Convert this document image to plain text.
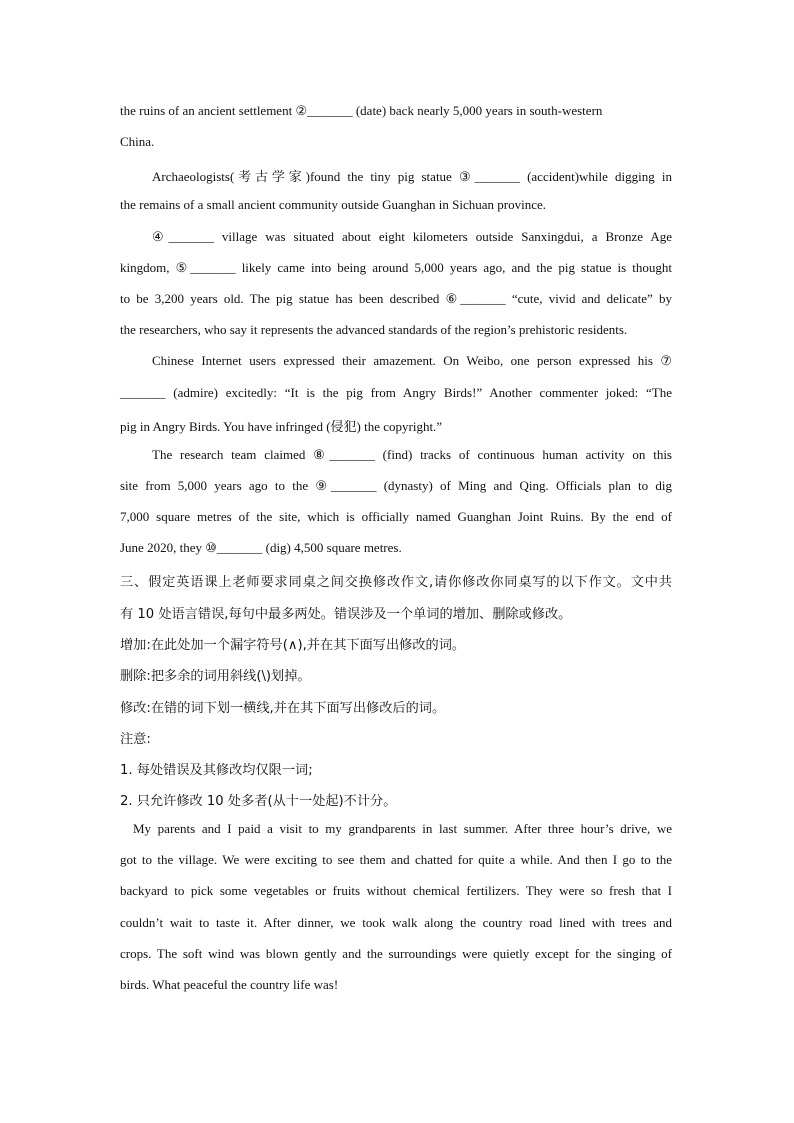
the ruins of an ancient settlement ②_______ (date) back nearly 5,000 years in south-western
China.
Archaeologists(考古学家)found the tiny pig statue ③_______ (accident)while digging in
the remains of a small ancient community outside Guanghan in Sichuan province.
④_______ village was situated about eight kilometers outside Sanxingdui, a Bronze Age
kingdom, ⑤_______ likely came into being around 5,000 years ago, and the pig statue is thought
to be 3,200 years old. The pig statue has been described ⑥_______ “cute, vivid and delicate” by
the researchers, who say it represents the advanced standards of the region’s prehistoric residents.
Chinese Internet users expressed their amazement. On Weibo, one person expressed his ⑦
_______ (admire) excitedly: “It is the pig from Angry Birds!” Another commenter joked: “The
pig in Angry Birds. You have infringed (侵犯) the copyright.”
The research team claimed ⑧_______ (find) tracks of continuous human activity on this
site from 5,000 years ago to the ⑨_______ (dynasty) of Ming and Qing. Officials plan to dig
7,000 square metres of the site, which is officially named Guanghan Joint Ruins. By the end of
June 2020, they ⑩_______ (dig) 4,500 square metres.
三、假定英语课上老师要求同桌之间交换修改作文,请你修改你同桌写的以下作文。文中共
有 10 处语言错误,每句中最多两处。错误涉及一个单词的增加、删除或修改。
增加:在此处加一个漏字符号(∧),并在其下面写出修改的词。
删除:把多余的词用斜线(\)划掉。
修改:在错的词下划一横线,并在其下面写出修改后的词。
注意:
1. 每处错误及其修改均仅限一词;
2. 只允许修改 10 处多者(从十一处起)不计分。
My parents and I paid a visit to my grandparents in last summer. After three hour’s drive, we
got to the village. We were exciting to see them and chatted for quite a while. And then I go to the
backyard to pick some vegetables or fruits without chemical fertilizers. They were so fresh that I
couldn’t wait to taste it. After dinner, we took walk along the country road lined with trees and
crops. The soft wind was blown gently and the surroundings were quietly except for the singing of
birds. What peaceful the country life was!
